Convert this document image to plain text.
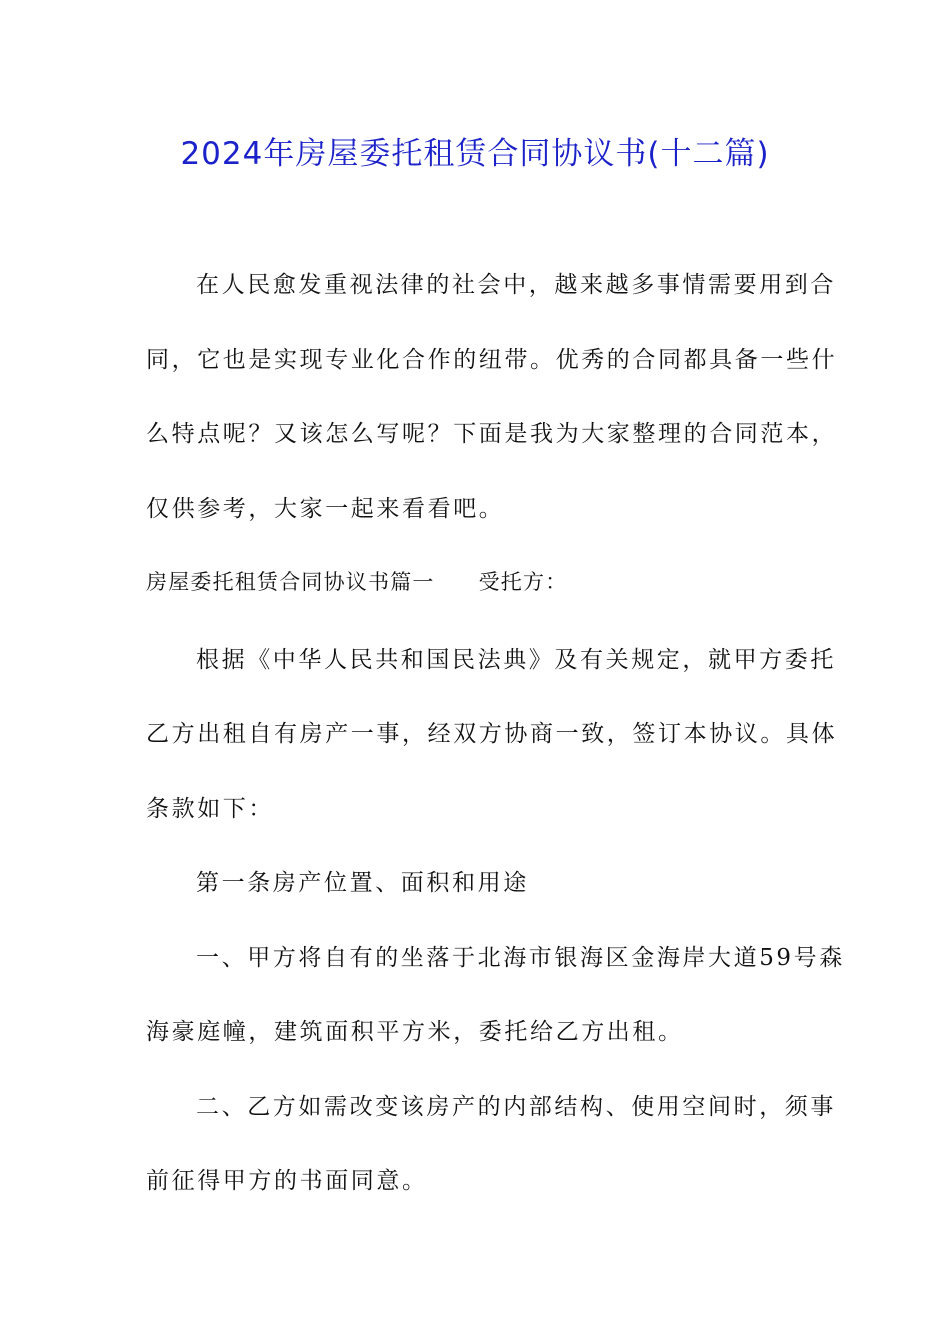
2024年房屋委托租赁合同协议书(十二篇)
在人民愈发重视法律的社会中，越来越多事情需要用到合
同，它也是实现专业化合作的纽带。优秀的合同都具备一些什
么特点呢？又该怎么写呢？下面是我为大家整理的合同范本，
仅供参考，大家一起来看看吧。
房屋委托租赁合同协议书篇一 受托方：
根据《中华人民共和国民法典》及有关规定，就甲方委托
乙方出租自有房产一事，经双方协商一致，签订本协议。具体
条款如下：
第一条房产位置、面积和用途
一、甲方将自有的坐落于北海市银海区金海岸大道59号森
海豪庭幢，建筑面积平方米，委托给乙方出租。
二、乙方如需改变该房产的内部结构、使用空间时，须事
前征得甲方的书面同意。
